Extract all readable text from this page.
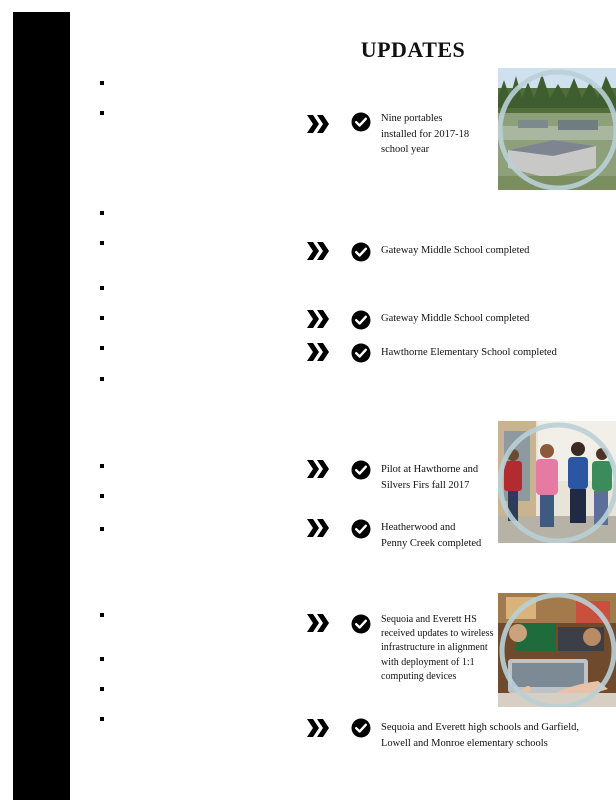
UPDATES
Nine portables
installed for 2017-18
school year
Gateway Middle School completed
Gateway Middle School completed
Hawthorne Elementary School completed
Pilot at Hawthorne and
Silvers Firs fall 2017
Heatherwood and
Penny Creek completed
Sequoia and Everett HS
received updates to wireless
infrastructure in alignment
with deployment of 1:1
computing devices
Sequoia and Everett high schools and Garfield,
Lowell and Monroe elementary schools
